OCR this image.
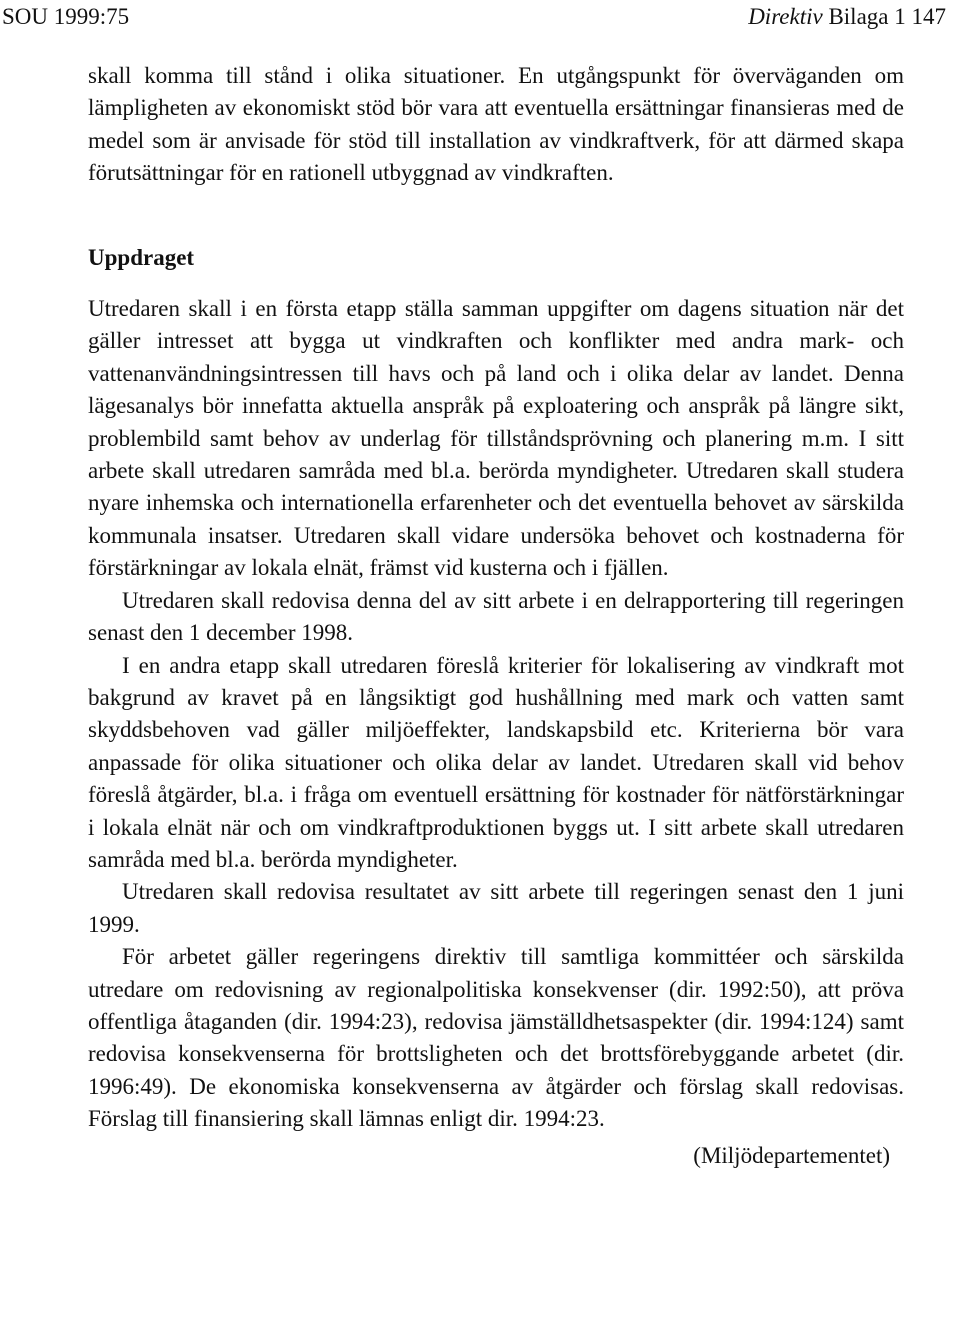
SOU 1999:75	Direktiv Bilaga 1 147

skall komma till stånd i olika situationer. En utgångspunkt för överväganden om lämpligheten av ekonomiskt stöd bör vara att eventuella ersättningar finansieras med de medel som är anvisade för stöd till installation av vindkraftverk, för att därmed skapa förutsättningar för en rationell utbyggnad av vindkraften.

Uppdraget

Utredaren skall i en första etapp ställa samman uppgifter om dagens situation när det gäller intresset att bygga ut vindkraften och konflikter med andra mark- och vattenanvändningsintressen till havs och på land och i olika delar av landet. Denna lägesanalys bör innefatta aktuella anspråk på exploatering och anspråk på längre sikt, problembild samt behov av underlag för tillståndsprövning och planering m.m. I sitt arbete skall utredaren samråda med bl.a. berörda myndigheter. Utredaren skall studera nyare inhemska och internationella erfarenheter och det eventuella behovet av särskilda kommunala insatser. Utredaren skall vidare undersöka behovet och kostnaderna för förstärkningar av lokala elnät, främst vid kusterna och i fjällen.

Utredaren skall redovisa denna del av sitt arbete i en delrapportering till regeringen senast den 1 december 1998.

I en andra etapp skall utredaren föreslå kriterier för lokalisering av vindkraft mot bakgrund av kravet på en långsiktigt god hushållning med mark och vatten samt skyddsbehoven vad gäller miljöeffekter, landskapsbild etc. Kriterierna bör vara anpassade för olika situationer och olika delar av landet. Utredaren skall vid behov föreslå åtgärder, bl.a. i fråga om eventuell ersättning för kostnader för nätförstärkningar i lokala elnät när och om vindkraftproduktionen byggs ut. I sitt arbete skall utredaren samråda med bl.a. berörda myndigheter.

Utredaren skall redovisa resultatet av sitt arbete till regeringen senast den 1 juni 1999.

För arbetet gäller regeringens direktiv till samtliga kommittéer och särskilda utredare om redovisning av regionalpolitiska konsekvenser (dir. 1992:50), att pröva offentliga åtaganden (dir. 1994:23), redovisa jämställdhetsaspekter (dir. 1994:124) samt redovisa konsekvenserna för brottsligheten och det brottsförebyggande arbetet (dir. 1996:49). De ekonomiska konsekvenserna av åtgärder och förslag skall redovisas. Förslag till finansiering skall lämnas enligt dir. 1994:23.

(Miljödepartementet)
